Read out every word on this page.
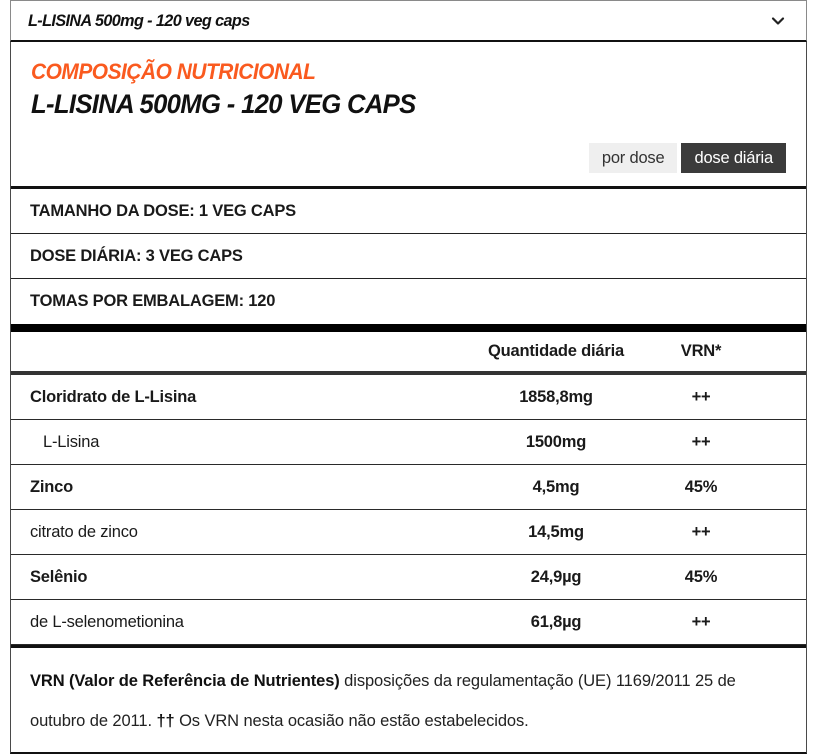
L-LISINA 500mg - 120 veg caps
COMPOSIÇÃO NUTRICIONAL
L-LISINA 500MG - 120 VEG CAPS
por dose	dose diária
TAMANHO DA DOSE: 1 VEG CAPS
DOSE DIÁRIA: 3 VEG CAPS
TOMAS POR EMBALAGEM: 120
Quantidade diária	VRN*
Cloridrato de L-Lisina	1858,8mg	++
L-Lisina	1500mg	++
Zinco	4,5mg	45%
citrato de zinco	14,5mg	++
Selênio	24,9µg	45%
de L-selenometionina	61,8µg	++
VRN (Valor de Referência de Nutrientes) disposições da regulamentação (UE) 1169/2011 25 de outubro de 2011. †† Os VRN nesta ocasião não estão estabelecidos.
